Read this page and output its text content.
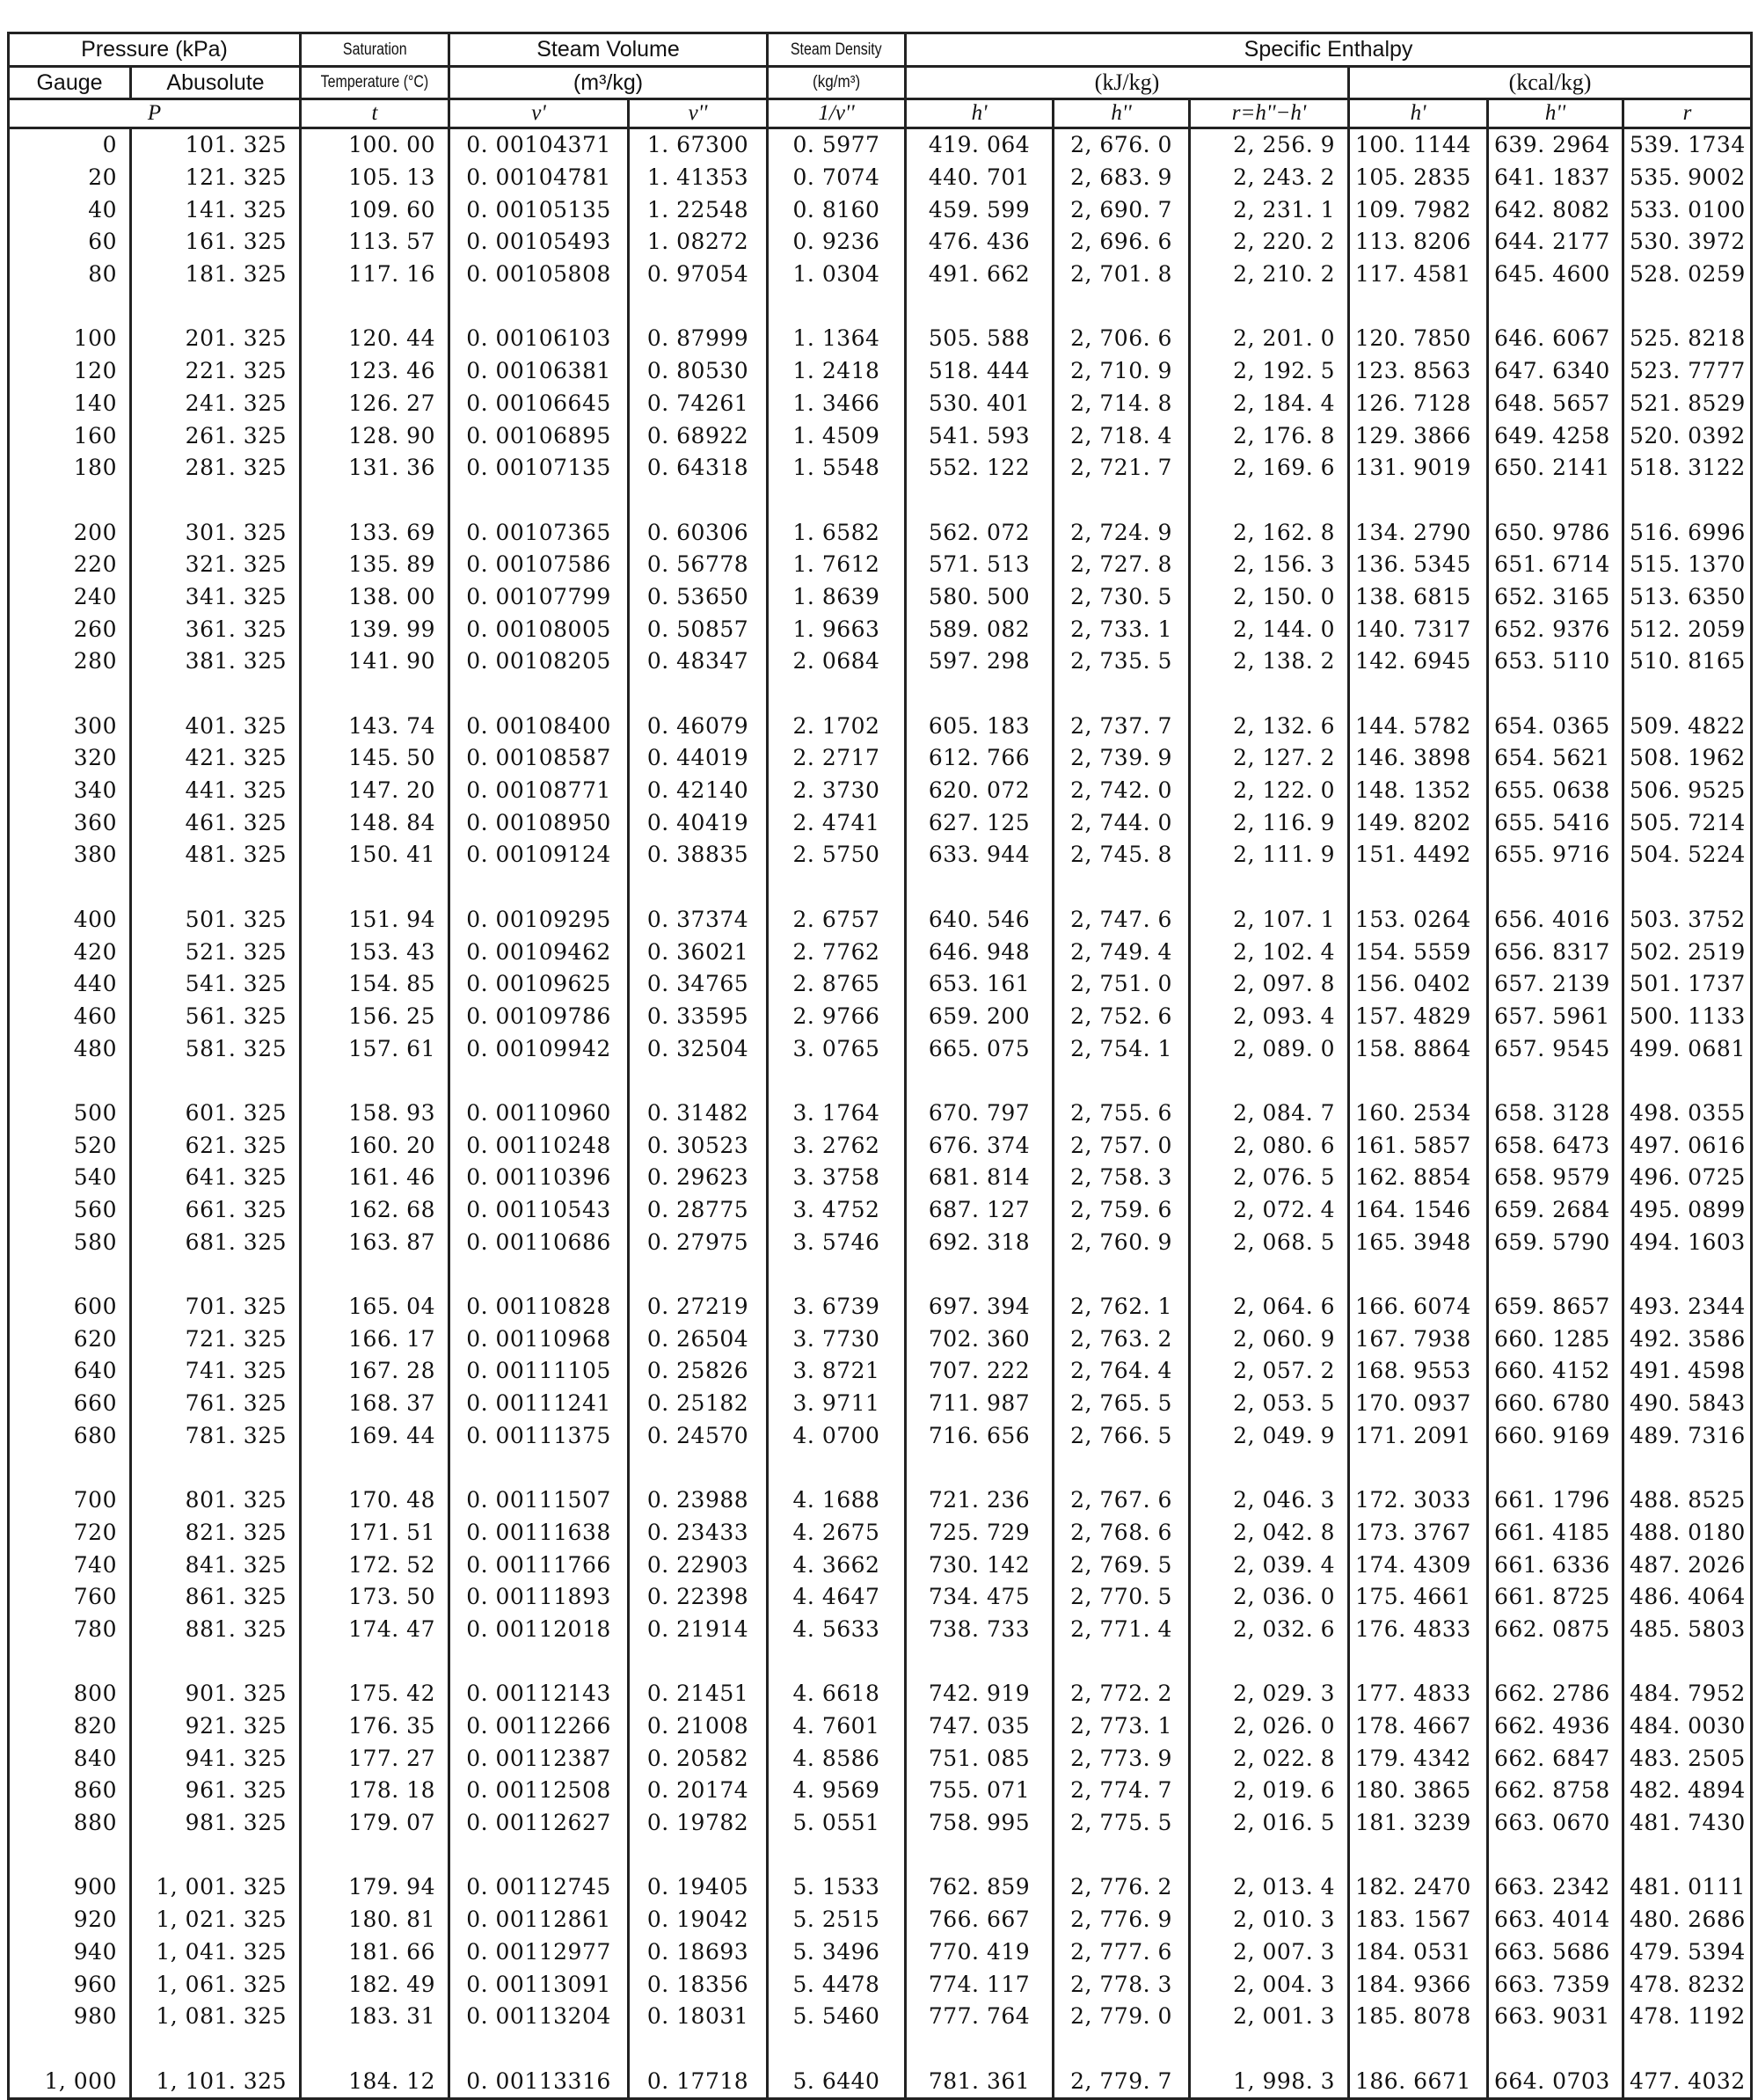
Pressure (kPa)		Saturation	Steam Volume		Steam Density	Specific Enthalpy					
Gauge	Abusolute	Temperature (°C)	(m³/kg)		(kg/m³)	(kJ/kg)			(kcal/kg)		
P		t	v'	v''	1/v''	h'	h''	r=h''−h'	h'	h''	r
0	101. 325	100. 00	0. 00104371	1. 67300	0. 5977	419. 064	2, 676. 0	2, 256. 9	100. 1144	639. 2964	539. 1734
20	121. 325	105. 13	0. 00104781	1. 41353	0. 7074	440. 701	2, 683. 9	2, 243. 2	105. 2835	641. 1837	535. 9002
40	141. 325	109. 60	0. 00105135	1. 22548	0. 8160	459. 599	2, 690. 7	2, 231. 1	109. 7982	642. 8082	533. 0100
60	161. 325	113. 57	0. 00105493	1. 08272	0. 9236	476. 436	2, 696. 6	2, 220. 2	113. 8206	644. 2177	530. 3972
80	181. 325	117. 16	0. 00105808	0. 97054	1. 0304	491. 662	2, 701. 8	2, 210. 2	117. 4581	645. 4600	528. 0259

100	201. 325	120. 44	0. 00106103	0. 87999	1. 1364	505. 588	2, 706. 6	2, 201. 0	120. 7850	646. 6067	525. 8218
120	221. 325	123. 46	0. 00106381	0. 80530	1. 2418	518. 444	2, 710. 9	2, 192. 5	123. 8563	647. 6340	523. 7777
140	241. 325	126. 27	0. 00106645	0. 74261	1. 3466	530. 401	2, 714. 8	2, 184. 4	126. 7128	648. 5657	521. 8529
160	261. 325	128. 90	0. 00106895	0. 68922	1. 4509	541. 593	2, 718. 4	2, 176. 8	129. 3866	649. 4258	520. 0392
180	281. 325	131. 36	0. 00107135	0. 64318	1. 5548	552. 122	2, 721. 7	2, 169. 6	131. 9019	650. 2141	518. 3122

200	301. 325	133. 69	0. 00107365	0. 60306	1. 6582	562. 072	2, 724. 9	2, 162. 8	134. 2790	650. 9786	516. 6996
220	321. 325	135. 89	0. 00107586	0. 56778	1. 7612	571. 513	2, 727. 8	2, 156. 3	136. 5345	651. 6714	515. 1370
240	341. 325	138. 00	0. 00107799	0. 53650	1. 8639	580. 500	2, 730. 5	2, 150. 0	138. 6815	652. 3165	513. 6350
260	361. 325	139. 99	0. 00108005	0. 50857	1. 9663	589. 082	2, 733. 1	2, 144. 0	140. 7317	652. 9376	512. 2059
280	381. 325	141. 90	0. 00108205	0. 48347	2. 0684	597. 298	2, 735. 5	2, 138. 2	142. 6945	653. 5110	510. 8165

300	401. 325	143. 74	0. 00108400	0. 46079	2. 1702	605. 183	2, 737. 7	2, 132. 6	144. 5782	654. 0365	509. 4822
320	421. 325	145. 50	0. 00108587	0. 44019	2. 2717	612. 766	2, 739. 9	2, 127. 2	146. 3898	654. 5621	508. 1962
340	441. 325	147. 20	0. 00108771	0. 42140	2. 3730	620. 072	2, 742. 0	2, 122. 0	148. 1352	655. 0638	506. 9525
360	461. 325	148. 84	0. 00108950	0. 40419	2. 4741	627. 125	2, 744. 0	2, 116. 9	149. 8202	655. 5416	505. 7214
380	481. 325	150. 41	0. 00109124	0. 38835	2. 5750	633. 944	2, 745. 8	2, 111. 9	151. 4492	655. 9716	504. 5224

400	501. 325	151. 94	0. 00109295	0. 37374	2. 6757	640. 546	2, 747. 6	2, 107. 1	153. 0264	656. 4016	503. 3752
420	521. 325	153. 43	0. 00109462	0. 36021	2. 7762	646. 948	2, 749. 4	2, 102. 4	154. 5559	656. 8317	502. 2519
440	541. 325	154. 85	0. 00109625	0. 34765	2. 8765	653. 161	2, 751. 0	2, 097. 8	156. 0402	657. 2139	501. 1737
460	561. 325	156. 25	0. 00109786	0. 33595	2. 9766	659. 200	2, 752. 6	2, 093. 4	157. 4829	657. 5961	500. 1133
480	581. 325	157. 61	0. 00109942	0. 32504	3. 0765	665. 075	2, 754. 1	2, 089. 0	158. 8864	657. 9545	499. 0681

500	601. 325	158. 93	0. 00110960	0. 31482	3. 1764	670. 797	2, 755. 6	2, 084. 7	160. 2534	658. 3128	498. 0355
520	621. 325	160. 20	0. 00110248	0. 30523	3. 2762	676. 374	2, 757. 0	2, 080. 6	161. 5857	658. 6473	497. 0616
540	641. 325	161. 46	0. 00110396	0. 29623	3. 3758	681. 814	2, 758. 3	2, 076. 5	162. 8854	658. 9579	496. 0725
560	661. 325	162. 68	0. 00110543	0. 28775	3. 4752	687. 127	2, 759. 6	2, 072. 4	164. 1546	659. 2684	495. 0899
580	681. 325	163. 87	0. 00110686	0. 27975	3. 5746	692. 318	2, 760. 9	2, 068. 5	165. 3948	659. 5790	494. 1603

600	701. 325	165. 04	0. 00110828	0. 27219	3. 6739	697. 394	2, 762. 1	2, 064. 6	166. 6074	659. 8657	493. 2344
620	721. 325	166. 17	0. 00110968	0. 26504	3. 7730	702. 360	2, 763. 2	2, 060. 9	167. 7938	660. 1285	492. 3586
640	741. 325	167. 28	0. 00111105	0. 25826	3. 8721	707. 222	2, 764. 4	2, 057. 2	168. 9553	660. 4152	491. 4598
660	761. 325	168. 37	0. 00111241	0. 25182	3. 9711	711. 987	2, 765. 5	2, 053. 5	170. 0937	660. 6780	490. 5843
680	781. 325	169. 44	0. 00111375	0. 24570	4. 0700	716. 656	2, 766. 5	2, 049. 9	171. 2091	660. 9169	489. 7316

700	801. 325	170. 48	0. 00111507	0. 23988	4. 1688	721. 236	2, 767. 6	2, 046. 3	172. 3033	661. 1796	488. 8525
720	821. 325	171. 51	0. 00111638	0. 23433	4. 2675	725. 729	2, 768. 6	2, 042. 8	173. 3767	661. 4185	488. 0180
740	841. 325	172. 52	0. 00111766	0. 22903	4. 3662	730. 142	2, 769. 5	2, 039. 4	174. 4309	661. 6336	487. 2026
760	861. 325	173. 50	0. 00111893	0. 22398	4. 4647	734. 475	2, 770. 5	2, 036. 0	175. 4661	661. 8725	486. 4064
780	881. 325	174. 47	0. 00112018	0. 21914	4. 5633	738. 733	2, 771. 4	2, 032. 6	176. 4833	662. 0875	485. 5803

800	901. 325	175. 42	0. 00112143	0. 21451	4. 6618	742. 919	2, 772. 2	2, 029. 3	177. 4833	662. 2786	484. 7952
820	921. 325	176. 35	0. 00112266	0. 21008	4. 7601	747. 035	2, 773. 1	2, 026. 0	178. 4667	662. 4936	484. 0030
840	941. 325	177. 27	0. 00112387	0. 20582	4. 8586	751. 085	2, 773. 9	2, 022. 8	179. 4342	662. 6847	483. 2505
860	961. 325	178. 18	0. 00112508	0. 20174	4. 9569	755. 071	2, 774. 7	2, 019. 6	180. 3865	662. 8758	482. 4894
880	981. 325	179. 07	0. 00112627	0. 19782	5. 0551	758. 995	2, 775. 5	2, 016. 5	181. 3239	663. 0670	481. 7430

900	1, 001. 325	179. 94	0. 00112745	0. 19405	5. 1533	762. 859	2, 776. 2	2, 013. 4	182. 2470	663. 2342	481. 0111
920	1, 021. 325	180. 81	0. 00112861	0. 19042	5. 2515	766. 667	2, 776. 9	2, 010. 3	183. 1567	663. 4014	480. 2686
940	1, 041. 325	181. 66	0. 00112977	0. 18693	5. 3496	770. 419	2, 777. 6	2, 007. 3	184. 0531	663. 5686	479. 5394
960	1, 061. 325	182. 49	0. 00113091	0. 18356	5. 4478	774. 117	2, 778. 3	2, 004. 3	184. 9366	663. 7359	478. 8232
980	1, 081. 325	183. 31	0. 00113204	0. 18031	5. 5460	777. 764	2, 779. 0	2, 001. 3	185. 8078	663. 9031	478. 1192

1, 000	1, 101. 325	184. 12	0. 00113316	0. 17718	5. 6440	781. 361	2, 779. 7	1, 998. 3	186. 6671	664. 0703	477. 4032
